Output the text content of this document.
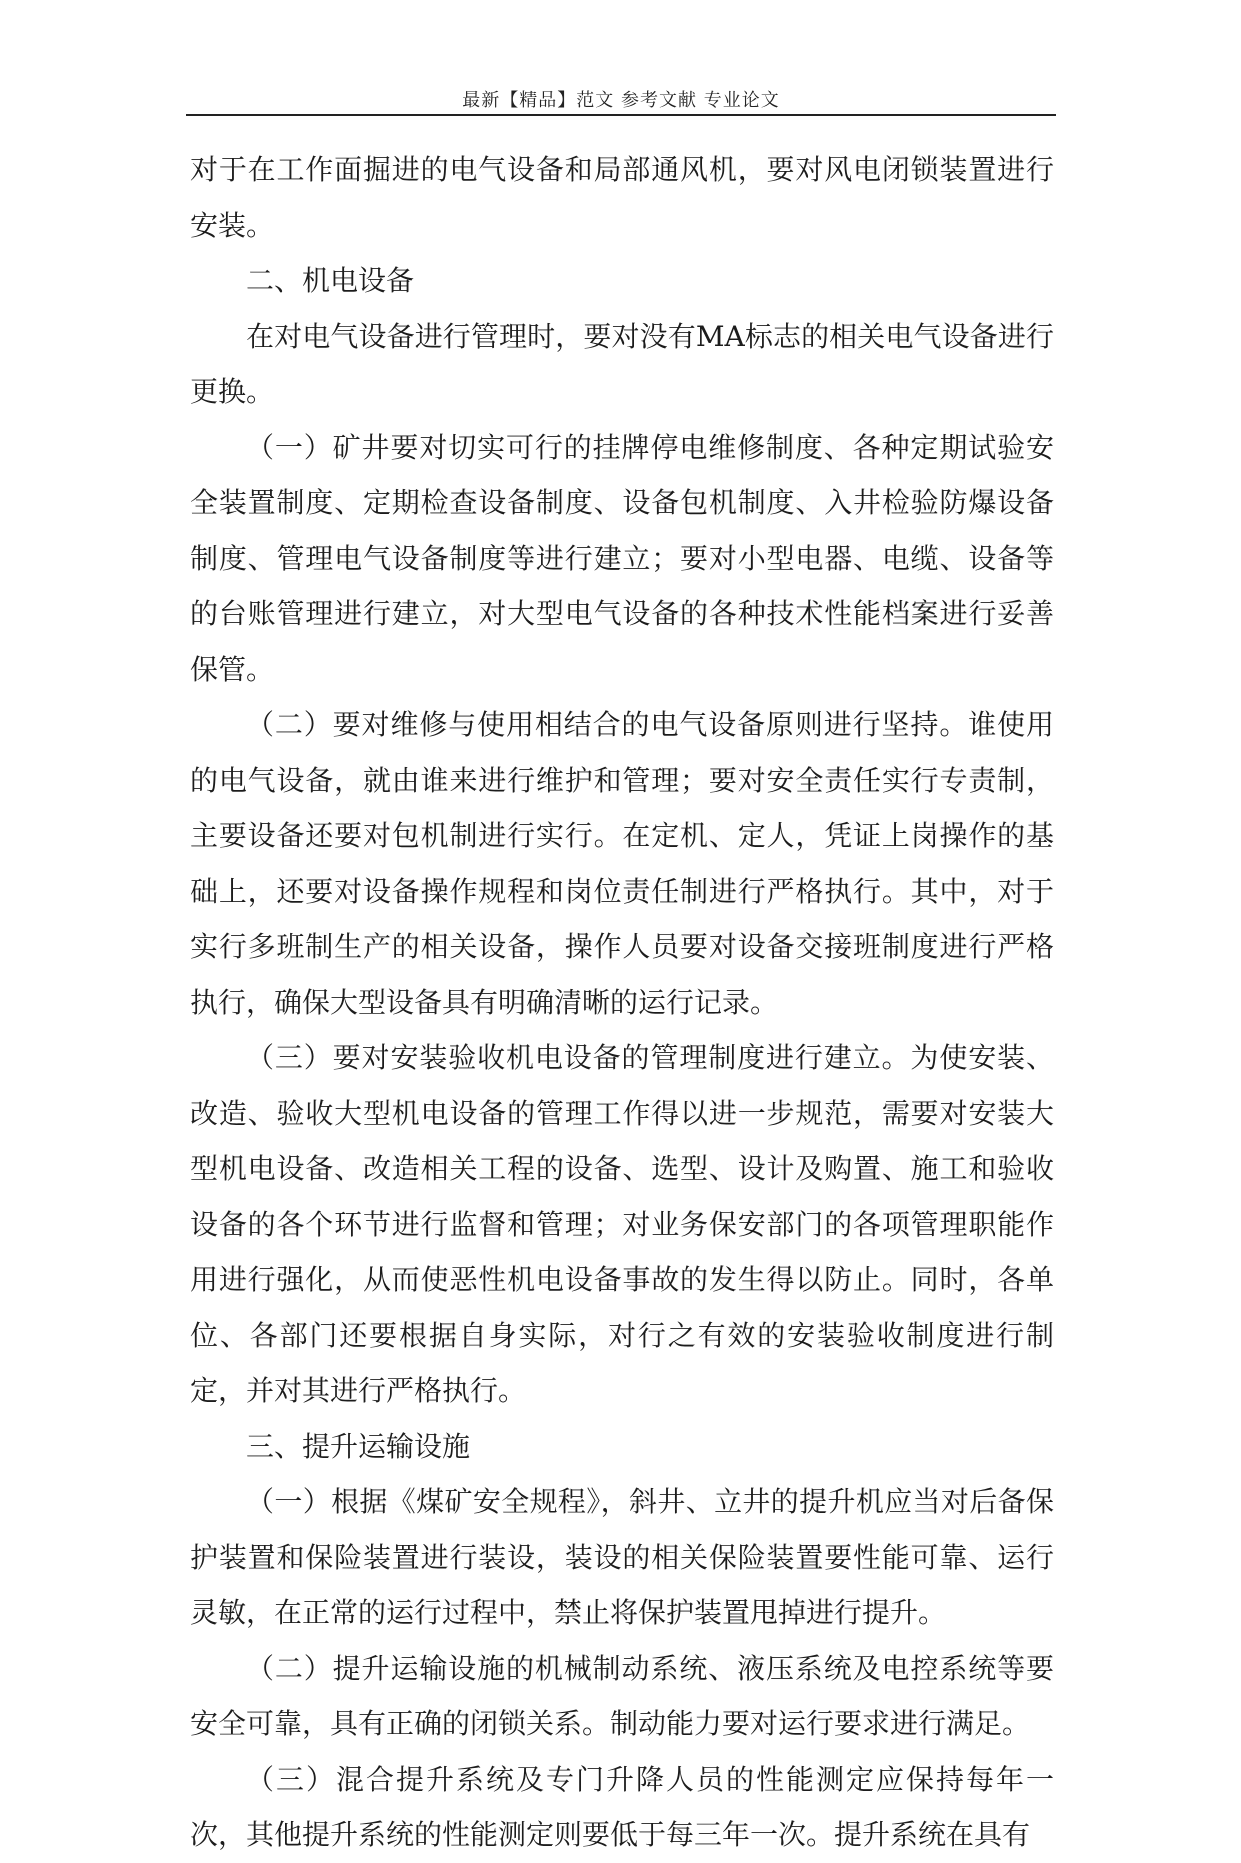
最新【精品】范文 参考文献 专业论文

对于在工作面掘进的电气设备和局部通风机，要对风电闭锁装置进行安装。

二、机电设备

在对电气设备进行管理时，要对没有MA标志的相关电气设备进行更换。

（一）矿井要对切实可行的挂牌停电维修制度、各种定期试验安全装置制度、定期检查设备制度、设备包机制度、入井检验防爆设备制度、管理电气设备制度等进行建立；要对小型电器、电缆、设备等的台账管理进行建立，对大型电气设备的各种技术性能档案进行妥善保管。

（二）要对维修与使用相结合的电气设备原则进行坚持。谁使用的电气设备，就由谁来进行维护和管理；要对安全责任实行专责制，主要设备还要对包机制进行实行。在定机、定人，凭证上岗操作的基础上，还要对设备操作规程和岗位责任制进行严格执行。其中，对于实行多班制生产的相关设备，操作人员要对设备交接班制度进行严格执行，确保大型设备具有明确清晰的运行记录。

（三）要对安装验收机电设备的管理制度进行建立。为使安装、改造、验收大型机电设备的管理工作得以进一步规范，需要对安装大型机电设备、改造相关工程的设备、选型、设计及购置、施工和验收设备的各个环节进行监督和管理；对业务保安部门的各项管理职能作用进行强化，从而使恶性机电设备事故的发生得以防止。同时，各单位、各部门还要根据自身实际，对行之有效的安装验收制度进行制定，并对其进行严格执行。

三、提升运输设施

（一）根据《煤矿安全规程》，斜井、立井的提升机应当对后备保护装置和保险装置进行装设，装设的相关保险装置要性能可靠、运行灵敏，在正常的运行过程中，禁止将保护装置甩掉进行提升。

（二）提升运输设施的机械制动系统、液压系统及电控系统等要安全可靠，具有正确的闭锁关系。制动能力要对运行要求进行满足。

（三）混合提升系统及专门升降人员的性能测定应保持每年一次，其他提升系统的性能测定则要低于每三年一次。提升系统在具有
